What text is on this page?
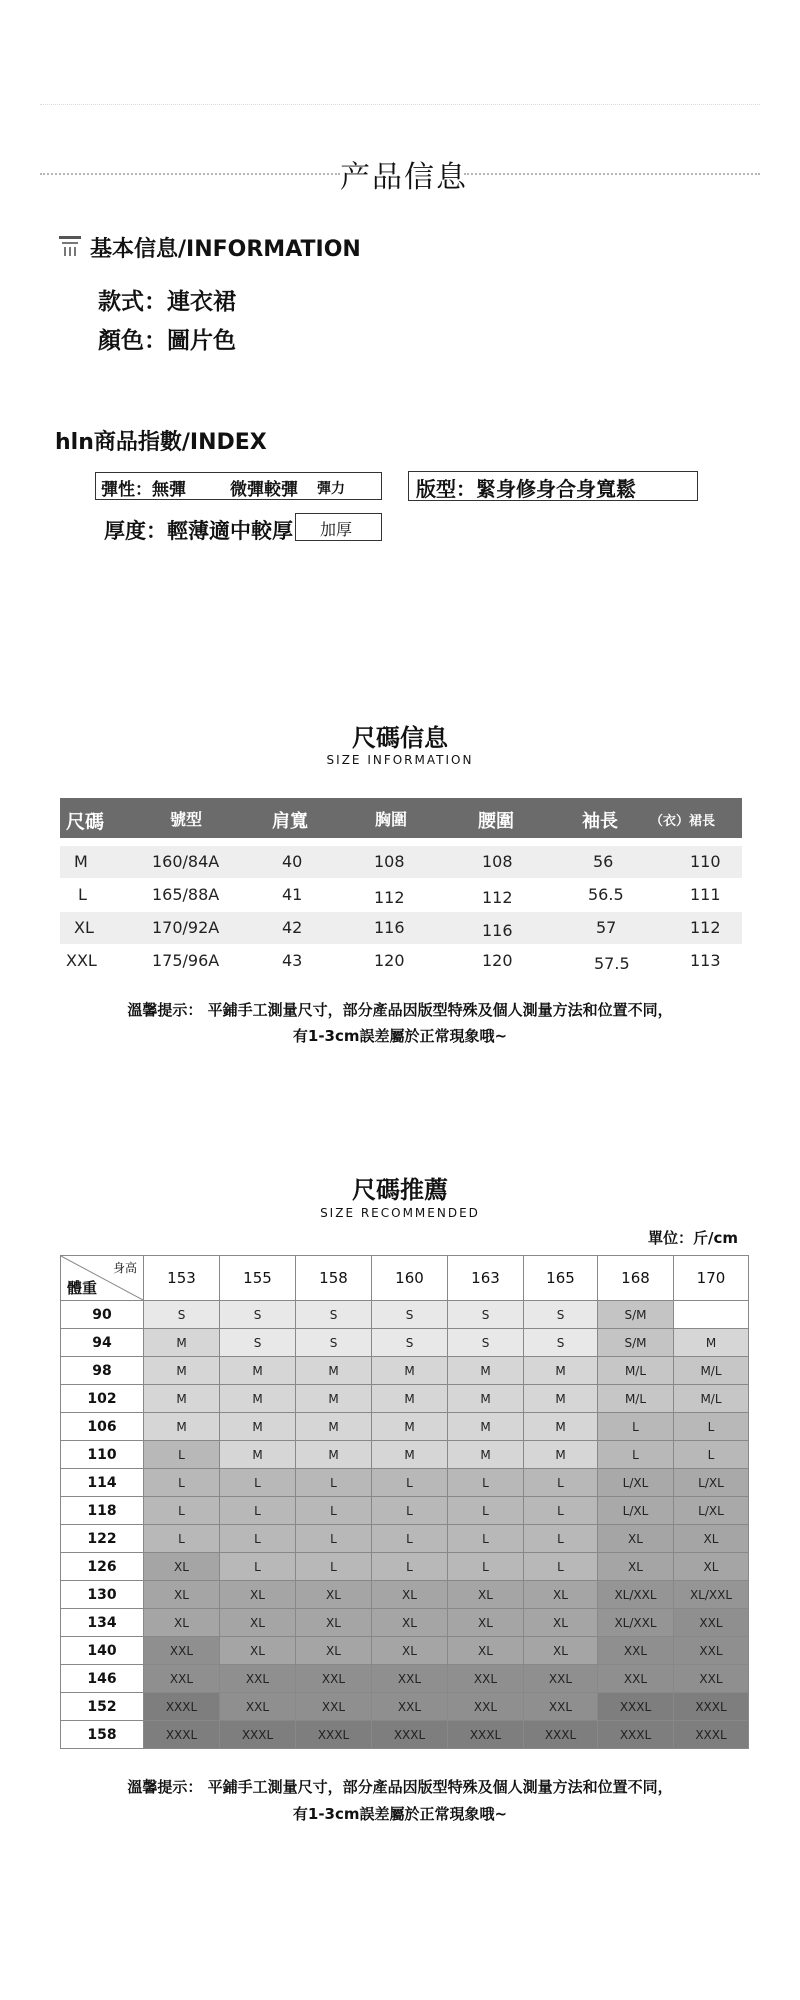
产品信息
基本信息/INFORMATION
款式：連衣裙
顏色：圖片色
hln商品指數/INDEX
彈性：無彈	微彈較彈 彈力	版型：緊身修身合身寬鬆
厚度：輕薄適中較厚 加厚
尺碼信息
SIZE INFORMATION
尺碼	號型	肩寬	胸圍	腰圍	袖長 （衣）裙長
M	160/84A	40	108	108	56	110
L	165/88A	41	112	112	56.5	111
XL	170/92A	42	116	116	57	112
XXL	175/96A	43	120	120	57.5	113
溫馨提示： 平鋪手工測量尺寸，部分產品因版型特殊及個人測量方法和位置不同，
有1-3cm誤差屬於正常現象哦~
尺碼推薦
SIZE RECOMMENDED
單位：斤/cm
身高
體重	153	155	158	160	163	165	168	170
90	S	S	S	S	S	S	S/M	
94	M	S	S	S	S	S	S/M	M
98	M	M	M	M	M	M	M/L	M/L
102	M	M	M	M	M	M	M/L	M/L
106	M	M	M	M	M	M	L	L
110	L	M	M	M	M	M	L	L
114	L	L	L	L	L	L	L/XL	L/XL
118	L	L	L	L	L	L	L/XL	L/XL
122	L	L	L	L	L	L	XL	XL
126	XL	L	L	L	L	L	XL	XL
130	XL	XL	XL	XL	XL	XL	XL/XXL	XL/XXL
134	XL	XL	XL	XL	XL	XL	XL/XXL	XXL
140	XXL	XL	XL	XL	XL	XL	XXL	XXL
146	XXL	XXL	XXL	XXL	XXL	XXL	XXL	XXL
152	XXXL	XXL	XXL	XXL	XXL	XXL	XXXL	XXXL
158	XXXL	XXXL	XXXL	XXXL	XXXL	XXXL	XXXL	XXXL
溫馨提示： 平鋪手工測量尺寸，部分產品因版型特殊及個人測量方法和位置不同，
有1-3cm誤差屬於正常現象哦~
